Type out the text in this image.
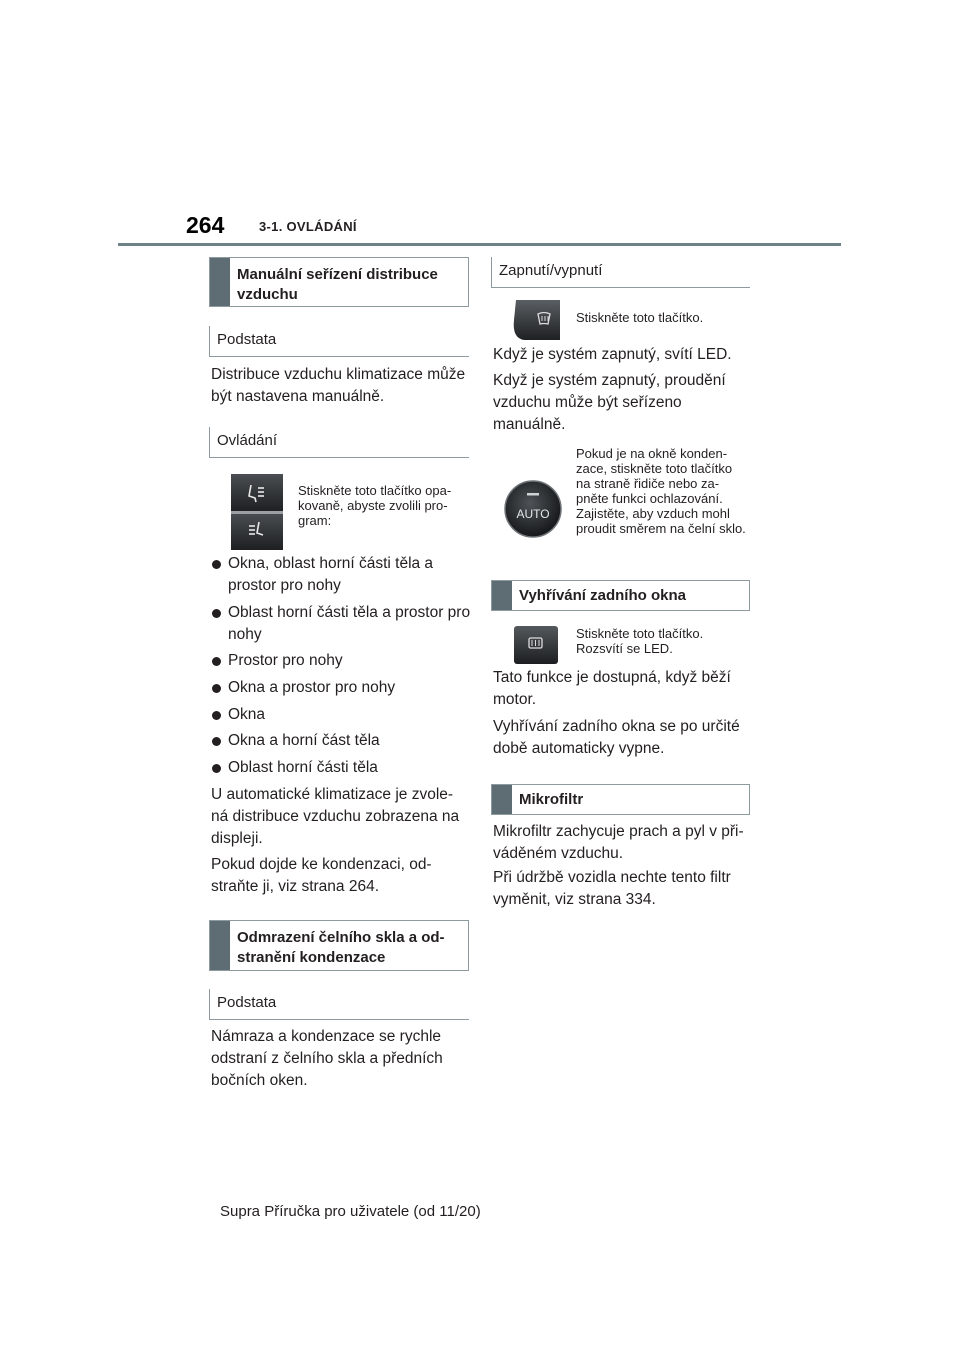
264	3-1. OVLÁDÁNÍ
Manuální seřízení distribuce vzduchu
Podstata
Distribuce vzduchu klimatizace může být nastavena manuálně.
Ovládání
Stiskněte toto tlačítko opa-kovaně, abyste zvolili pro-gram:
Okna, oblast horní části těla a prostor pro nohy
Oblast horní části těla a prostor pro nohy
Prostor pro nohy
Okna a prostor pro nohy
Okna
Okna a horní část těla
Oblast horní části těla
U automatické klimatizace je zvole-ná distribuce vzduchu zobrazena na displeji.
Pokud dojde ke kondenzaci, od-straňte ji, viz strana 264.
Odmrazení čelního skla a od-stranění kondenzace
Podstata
Námraza a kondenzace se rychle odstraní z čelního skla a předních bočních oken.
Zapnutí/vypnutí
Stiskněte toto tlačítko.
Když je systém zapnutý, svítí LED.
Když je systém zapnutý, proudění vzduchu může být seřízeno manuálně.
AUTO
Pokud je na okně konden-zace, stiskněte toto tlačítko na straně řidiče nebo za-pněte funkci ochlazování. Zajistěte, aby vzduch mohl proudit směrem na čelní sklo.
Vyhřívání zadního okna
Stiskněte toto tlačítko. Rozsvítí se LED.
Tato funkce je dostupná, když běží motor.
Vyhřívání zadního okna se po určité době automaticky vypne.
Mikrofiltr
Mikrofiltr zachycuje prach a pyl v při-váděném vzduchu.
Při údržbě vozidla nechte tento filtr vyměnit, viz strana 334.
Supra Příručka pro uživatele (od 11/20)
